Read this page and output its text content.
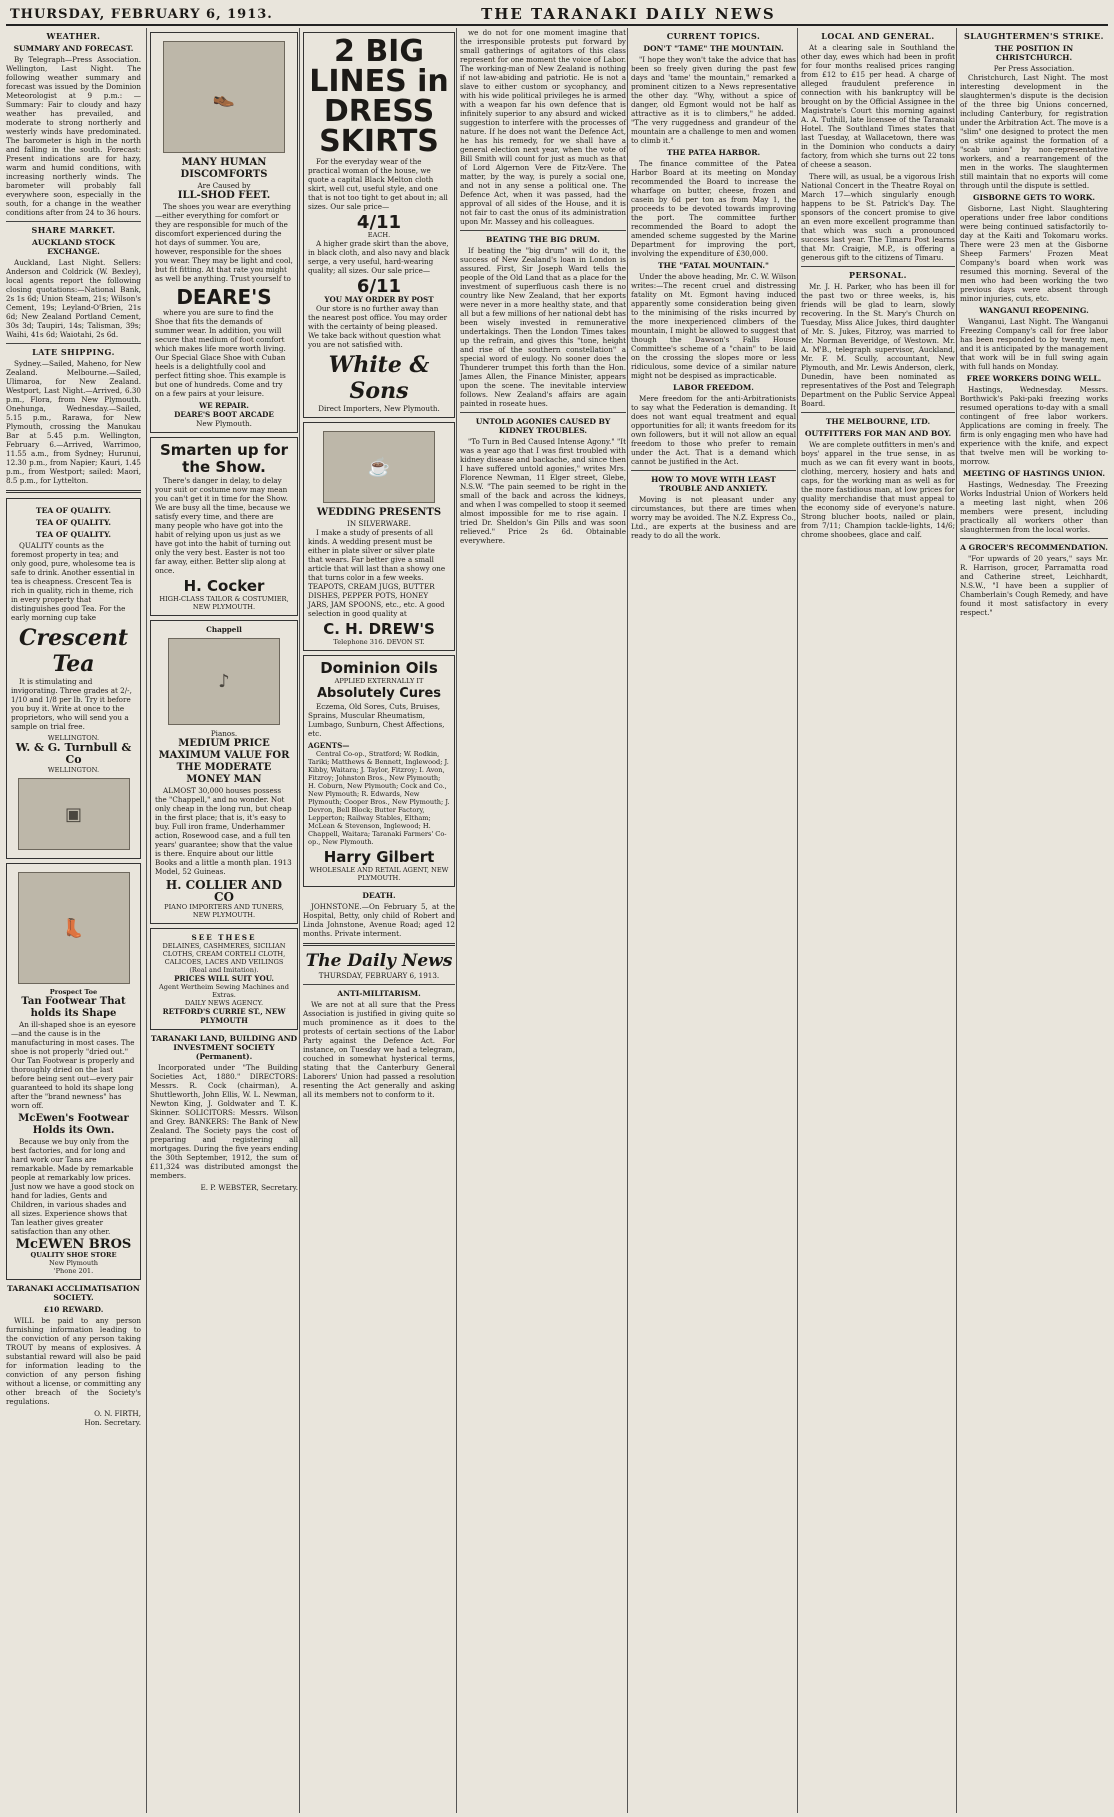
THURSDAY, FEBRUARY 6, 1913.	THE TARANAKI DAILY NEWS
WEATHER.
SUMMARY AND FORECAST.

By Telegraph—Press Association. Wellington, Last Night. The following weather summary and forecast was issued by the Dominion Meteorologist at 9 p.m.: — Summary: Fair to cloudy and hazy weather has prevailed, and moderate to strong northerly and westerly winds have predominated. The barometer is high in the north and falling in the south. Forecast: Present indications are for hazy, warm and humid conditions, with increasing northerly winds. The barometer will probably fall everywhere soon, especially in the south, for a change in the weather conditions after from 24 to 36 hours.

SHARE MARKET.
AUCKLAND STOCK EXCHANGE.

Auckland, Last Night. Sellers: Anderson and Coldrick (W. Bexley), local agents report the following closing quotations:—National Bank, 2s 1s 6d; Union Steam, 21s; Wilson's Cement, 19s; Leyland-O'Brien, 21s 6d; New Zealand Portland Cement, 30s 3d; Taupiri, 14s; Talisman, 39s; Waihi, 41s 6d; Waiotahi, 2s 6d.

LATE SHIPPING.

Sydney.—Sailed, Maheno, for New Zealand. Melbourne.—Sailed, Ulimaroa, for New Zealand. Westport, Last Night.—Arrived, 6.30 p.m., Flora, from New Plymouth. Onehunga, Wednesday.—Sailed, 5.15 p.m., Rarawa, for New Plymouth, crossing the Manukau Bar at 5.45 p.m. Wellington, February 6.—Arrived, Warrimoo, 11.55 a.m., from Sydney; Hurunui, 12.30 p.m., from Napier; Kauri, 1.45 p.m., from Westport; sailed: Maori, 8.5 p.m., for Lyttelton.

TEA OF QUALITY.
TEA OF QUALITY.
TEA OF QUALITY.

QUALITY counts as the foremost property in tea; and only good, pure, wholesome tea is safe to drink. Another essential in tea is cheapness. Crescent Tea is rich in quality, rich in theme, rich in every property that distinguishes good Tea. For the early morning cup take

Crescent Tea

It is stimulating and invigorating. Three grades at 2/-, 1/10 and 1/8 per lb. Try it before you buy it. Write at once to the proprietors, who will send you a sample on trial free.

WELLINGTON.
W. & G. Turnbull & Co
WELLINGTON.
▣
👢
Prospect Toe
Tan Footwear That holds its Shape

An ill-shaped shoe is an eyesore—and the cause is in the manufacturing in most cases. The shoe is not properly "dried out." Our Tan Footwear is properly and thoroughly dried on the last before being sent out—every pair guaranteed to hold its shape long after the "brand newness" has worn off.

McEwen's Footwear Holds its Own.

Because we buy only from the best factories, and for long and hard work our Tans are remarkable. Made by remarkable people at remarkably low prices. Just now we have a good stock on hand for ladies, Gents and Children, in various shades and all sizes. Experience shows that Tan leather gives greater satisfaction than any other.

McEWEN BROS
QUALITY SHOE STORE
New Plymouth
'Phone 201.
TARANAKI ACCLIMATISATION SOCIETY.
£10 REWARD.

WILL be paid to any person furnishing information leading to the conviction of any person taking TROUT by means of explosives. A substantial reward will also be paid for information leading to the conviction of any person fishing without a license, or committing any other breach of the Society's regulations.

O. N. FIRTH,
Hon. Secretary.
👞
MANY HUMAN DISCOMFORTS
Are Caused by
ILL-SHOD FEET.

The shoes you wear are everything—either everything for comfort or they are responsible for much of the discomfort experienced during the hot days of summer. You are, however, responsible for the shoes you wear. They may be light and cool, but fit fitting. At that rate you might as well be anything. Trust yourself to

DEARE'S

where you are sure to find the Shoe that fits the demands of summer wear. In addition, you will secure that medium of foot comfort which makes life more worth living. Our Special Glace Shoe with Cuban heels is a delightfully cool and perfect fitting shoe. This example is but one of hundreds. Come and try on a few pairs at your leisure.

WE REPAIR.
DEARE'S BOOT ARCADE
New Plymouth.
Smarten up for the Show.

There's danger in delay, to delay your suit or costume now may mean you can't get it in time for the Show. We are busy all the time, because we satisfy every time, and there are many people who have got into the habit of relying upon us just as we have got into the habit of turning out only the very best. Easter is not too far away, either. Better slip along at once.

H. Cocker
HIGH-CLASS TAILOR & COSTUMIER, NEW PLYMOUTH.
Chappell
♪
Pianos.
MEDIUM PRICE MAXIMUM VALUE FOR THE MODERATE MONEY MAN

ALMOST 30,000 houses possess the "Chappell," and no wonder. Not only cheap in the long run, but cheap in the first place; that is, it's easy to buy. Full iron frame, Underhammer action, Rosewood case, and a full ten years' guarantee; show that the value is there. Enquire about our little Books and a little a month plan. 1913 Model, 52 Guineas.

H. COLLIER AND CO
PIANO IMPORTERS AND TUNERS, NEW PLYMOUTH.
SEE THESE
DELAINES, CASHMERES, SICILIAN CLOTHS, CREAM CORTELI CLOTH, CALICOES, LACES AND VEILINGS (Real and Imitation).
PRICES WILL SUIT YOU.
Agent Wertheim Sewing Machines and Extras.
DAILY NEWS AGENCY.
RETFORD'S CURRIE ST., NEW PLYMOUTH
TARANAKI LAND, BUILDING AND INVESTMENT SOCIETY (Permanent).

Incorporated under "The Building Societies Act, 1880." DIRECTORS: Messrs. R. Cock (chairman), A. Shuttleworth, John Ellis, W. L. Newman, Newton King, J. Goldwater and T. K. Skinner. SOLICITORS: Messrs. Wilson and Grey. BANKERS: The Bank of New Zealand. The Society pays the cost of preparing and registering all mortgages. During the five years ending the 30th September, 1912, the sum of £11,324 was distributed amongst the members.

E. P. WEBSTER, Secretary.
2 BIG LINES in DRESS SKIRTS

For the everyday wear of the practical woman of the house, we quote a capital Black Melton cloth skirt, well cut, useful style, and one that is not too tight to get about in; all sizes. Our sale price—

4/11
EACH.

A higher grade skirt than the above, in black cloth, and also navy and black serge, a very useful, hard-wearing quality; all sizes. Our sale price—

6/11
YOU MAY ORDER BY POST

Our store is no further away than the nearest post office. You may order with the certainty of being pleased. We take back without question what you are not satisfied with.

White & Sons
Direct Importers, New Plymouth.
☕
WEDDING PRESENTS
IN SILVERWARE.

I make a study of presents of all kinds. A wedding present must be either in plate silver or silver plate that wears. Far better give a small article that will last than a showy one that turns color in a few weeks. TEAPOTS, CREAM JUGS, BUTTER DISHES, PEPPER POTS, HONEY JARS, JAM SPOONS, etc., etc. A good selection in good quality at

C. H. DREW'S
Telephone 316. DEVON ST.
Dominion Oils
APPLIED EXTERNALLY IT
Absolutely Cures

Eczema, Old Sores, Cuts, Bruises, Sprains, Muscular Rheumatism, Lumbago, Sunburn, Chest Affections, etc.

AGENTS—

Central Co-op., Stratford; W. Rodkin, Tariki; Matthews & Bennett, Inglewood; J. Kibby, Waitara; J. Taylor, Fitzroy; I. Avon, Fitzroy; Johnston Bros., New Plymouth; H. Coburn, New Plymouth; Cock and Co., New Plymouth; R. Edwards, New Plymouth; Cooper Bros., New Plymouth; J. Devron, Bell Block; Butter Factory, Lepperton; Railway Stables, Eltham; McLean & Stevenson, Inglewood; H. Chappell, Waitara; Taranaki Farmers' Co-op., New Plymouth.

Harry Gilbert
WHOLESALE AND RETAIL AGENT, NEW PLYMOUTH.
DEATH.

JOHNSTONE.—On February 5, at the Hospital, Betty, only child of Robert and Linda Johnstone, Avenue Road; aged 12 months. Private interment.

The Daily News
THURSDAY, FEBRUARY 6, 1913.
ANTI-MILITARISM.

We are not at all sure that the Press Association is justified in giving quite so much prominence as it does to the protests of certain sections of the Labor Party against the Defence Act. For instance, on Tuesday we had a telegram, couched in somewhat hysterical terms, stating that the Canterbury General Laborers' Union had passed a resolution resenting the Act generally and asking all its members not to conform to it.

we do not for one moment imagine that the irresponsible protests put forward by small gatherings of agitators of this class represent for one moment the voice of Labor. The working-man of New Zealand is nothing if not law-abiding and patriotic. He is not a slave to either custom or sycophancy, and with his wide political privileges he is armed with a weapon far his own defence that is infinitely superior to any absurd and wicked suggestion to interfere with the processes of nature. If he does not want the Defence Act, he has his remedy, for we shall have a general election next year, when the vote of Bill Smith will count for just as much as that of Lord Algernon Vere de Fitz-Vere. The matter, by the way, is purely a social one, and not in any sense a political one. The Defence Act, when it was passed, had the approval of all sides of the House, and it is not fair to cast the onus of its administration upon Mr. Massey and his colleagues.

BEATING THE BIG DRUM.

If beating the "big drum" will do it, the success of New Zealand's loan in London is assured. First, Sir Joseph Ward tells the people of the Old Land that as a place for the investment of superfluous cash there is no country like New Zealand, that her exports were never in a more healthy state, and that all but a few millions of her national debt has been wisely invested in remunerative undertakings. Then the London Times takes up the refrain, and gives this "tone, height and rise of the southern constellation" a special word of eulogy. No sooner does the Thunderer trumpet this forth than the Hon. James Allen, the Finance Minister, appears upon the scene. The inevitable interview follows. New Zealand's affairs are again painted in roseate hues.

UNTOLD AGONIES CAUSED BY KIDNEY TROUBLES.

"To Turn in Bed Caused Intense Agony." "It was a year ago that I was first troubled with kidney disease and backache, and since then I have suffered untold agonies," writes Mrs. Florence Newman, 11 Elger street, Glebe, N.S.W. "The pain seemed to be right in the small of the back and across the kidneys, and when I was compelled to stoop it seemed almost impossible for me to rise again. I tried Dr. Sheldon's Gin Pills and was soon relieved." Price 2s 6d. Obtainable everywhere.

CURRENT TOPICS.
DON'T "TAME" THE MOUNTAIN.

"I hope they won't take the advice that has been so freely given during the past few days and 'tame' the mountain," remarked a prominent citizen to a News representative the other day. "Why, without a spice of danger, old Egmont would not be half as attractive as it is to climbers," he added. "The very ruggedness and grandeur of the mountain are a challenge to men and women to climb it."

THE PATEA HARBOR.

The finance committee of the Patea Harbor Board at its meeting on Monday recommended the Board to increase the wharfage on butter, cheese, frozen and casein by 6d per ton as from May 1, the proceeds to be devoted towards improving the port. The committee further recommended the Board to adopt the amended scheme suggested by the Marine Department for improving the port, involving the expenditure of £30,000.

THE "FATAL MOUNTAIN."

Under the above heading, Mr. C. W. Wilson writes:—The recent cruel and distressing fatality on Mt. Egmont having induced apparently some consideration being given to the minimising of the risks incurred by the more inexperienced climbers of the mountain, I might be allowed to suggest that though the Dawson's Falls House Committee's scheme of a "chain" to be laid on the crossing the slopes more or less ridiculous, some device of a similar nature might not be despised as impracticable.

LABOR FREEDOM.

Mere freedom for the anti-Arbitrationists to say what the Federation is demanding. It does not want equal treatment and equal opportunities for all; it wants freedom for its own followers, but it will not allow an equal freedom to those who prefer to remain under the Act. That is a demand which cannot be justified in the Act.

HOW TO MOVE WITH LEAST TROUBLE AND ANXIETY.

Moving is not pleasant under any circumstances, but there are times when worry may be avoided. The N.Z. Express Co., Ltd., are experts at the business and are ready to do all the work.

LOCAL AND GENERAL.

At a clearing sale in Southland the other day, ewes which had been in profit for four months realised prices ranging from £12 to £15 per head. A charge of alleged fraudulent preference in connection with his bankruptcy will be brought on by the Official Assignee in the Magistrate's Court this morning against A. A. Tuthill, late licensee of the Taranaki Hotel. The Southland Times states that last Tuesday, at Wallacetown, there was in the Dominion who conducts a dairy factory, from which she turns out 22 tons of cheese a season.

There will, as usual, be a vigorous Irish National Concert in the Theatre Royal on March 17—which singularly enough happens to be St. Patrick's Day. The sponsors of the concert promise to give an even more excellent programme than that which was such a pronounced success last year. The Timaru Post learns that Mr. Craigie, M.P., is offering a generous gift to the citizens of Timaru.

PERSONAL.

Mr. J. H. Parker, who has been ill for the past two or three weeks, is, his friends will be glad to learn, slowly recovering. In the St. Mary's Church on Tuesday, Miss Alice Jukes, third daughter of Mr. S. Jukes, Fitzroy, was married to Mr. Norman Beveridge, of Westown. Mr. A. M'B., telegraph supervisor, Auckland, Mr. F. M. Scully, accountant, New Plymouth, and Mr. Lewis Anderson, clerk, Dunedin, have been nominated as representatives of the Post and Telegraph Department on the Public Service Appeal Board.

THE MELBOURNE, LTD.
OUTFITTERS FOR MAN AND BOY.

We are complete outfitters in men's and boys' apparel in the true sense, in as much as we can fit every want in boots, clothing, mercery, hosiery and hats and caps, for the working man as well as for the more fastidious man, at low prices for quality merchandise that must appeal to the economy side of everyone's nature. Strong blucher boots, nailed or plain, from 7/11; Champion tackle-lights, 14/6; chrome shoobees, glace and calf.

SLAUGHTERMEN'S STRIKE.
THE POSITION IN CHRISTCHURCH.
Per Press Association.

Christchurch, Last Night. The most interesting development in the slaughtermen's dispute is the decision of the three big Unions concerned, including Canterbury, for registration under the Arbitration Act. The move is a "slim" one designed to protect the men on strike against the formation of a "scab union" by non-representative workers, and a rearrangement of the men in the works. The slaughtermen still maintain that no exports will come through until the dispute is settled.

GISBORNE GETS TO WORK.

Gisborne, Last Night. Slaughtering operations under free labor conditions were being continued satisfactorily to-day at the Kaiti and Tokomaru works. There were 23 men at the Gisborne Sheep Farmers' Frozen Meat Company's board when work was resumed this morning. Several of the men who had been working the two previous days were absent through minor injuries, cuts, etc.

WANGANUI REOPENING.

Wanganui, Last Night. The Wanganui Freezing Company's call for free labor has been responded to by twenty men, and it is anticipated by the management that work will be in full swing again with full hands on Monday.

FREE WORKERS DOING WELL.

Hastings, Wednesday. Messrs. Borthwick's Paki-paki freezing works resumed operations to-day with a small contingent of free labor workers. Applications are coming in freely. The firm is only engaging men who have had experience with the knife, and expect that twelve men will be working to-morrow.

MEETING OF HASTINGS UNION.

Hastings, Wednesday. The Freezing Works Industrial Union of Workers held a meeting last night, when 206 members were present, including practically all workers other than slaughtermen from the local works.

A GROCER'S RECOMMENDATION.

"For upwards of 20 years," says Mr. R. Harrison, grocer, Parramatta road and Catherine street, Leichhardt, N.S.W., "I have been a supplier of Chamberlain's Cough Remedy, and have found it most satisfactory in every respect."
